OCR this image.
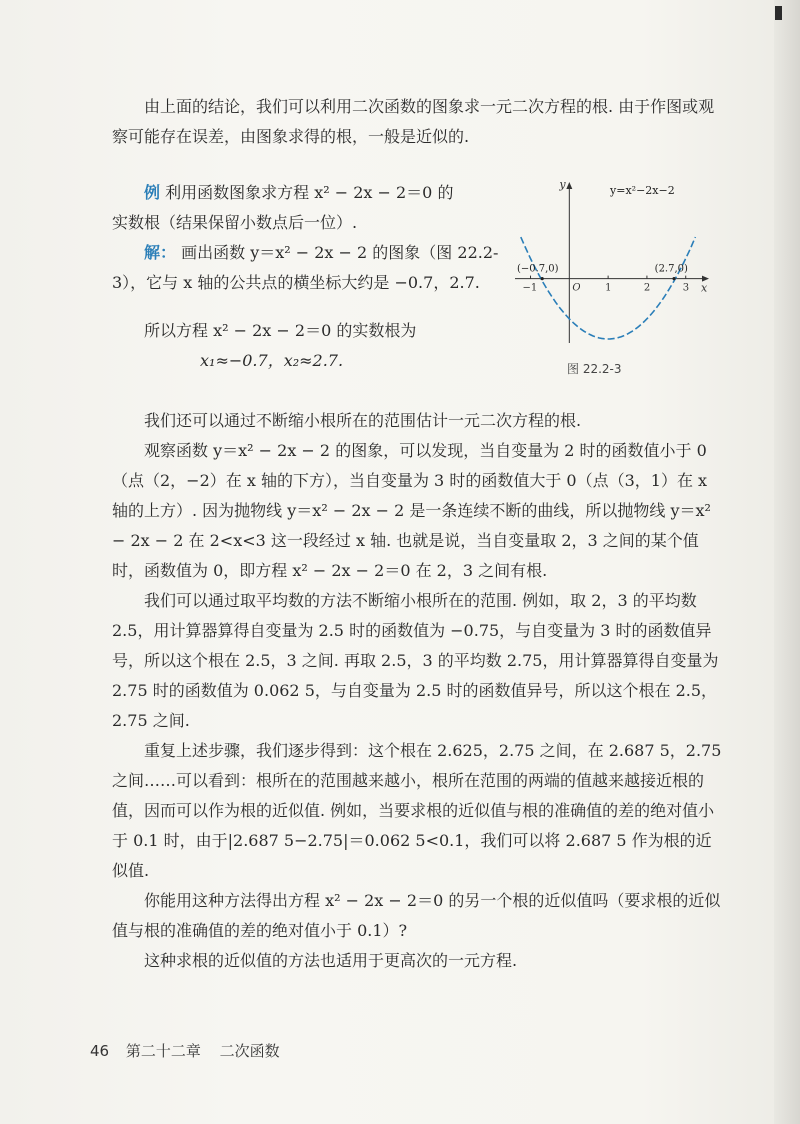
由上面的结论，我们可以利用二次函数的图象求一元二次方程的根. 由于作图或观察可能存在误差，由图象求得的根，一般是近似的.

例 利用函数图象求方程 x² − 2x − 2＝0 的

实数根（结果保留小数点后一位）.

解： 画出函数 y＝x² − 2x − 2 的图象（图 22.2-3），它与 x 轴的公共点的横坐标大约是 −0.7，2.7.

所以方程 x² − 2x − 2＝0 的实数根为

x₁≈−0.7，x₂≈2.7.

−1	1	2	3 x
y
O
y=x²−2x−2
(−0.7,0)	(2.7,0)
图 22.2-3

我们还可以通过不断缩小根所在的范围估计一元二次方程的根.

观察函数 y＝x² − 2x − 2 的图象，可以发现，当自变量为 2 时的函数值小于 0（点（2，−2）在 x 轴的下方），当自变量为 3 时的函数值大于 0（点（3，1）在 x 轴的上方）. 因为抛物线 y＝x² − 2x − 2 是一条连续不断的曲线，所以抛物线 y＝x² − 2x − 2 在 2<x<3 这一段经过 x 轴. 也就是说，当自变量取 2，3 之间的某个值时，函数值为 0，即方程 x² − 2x − 2＝0 在 2，3 之间有根.

我们可以通过取平均数的方法不断缩小根所在的范围. 例如，取 2，3 的平均数 2.5，用计算器算得自变量为 2.5 时的函数值为 −0.75，与自变量为 3 时的函数值异号，所以这个根在 2.5，3 之间. 再取 2.5，3 的平均数 2.75，用计算器算得自变量为 2.75 时的函数值为 0.062 5，与自变量为 2.5 时的函数值异号，所以这个根在 2.5，2.75 之间.

重复上述步骤，我们逐步得到：这个根在 2.625，2.75 之间，在 2.687 5，2.75 之间……可以看到：根所在的范围越来越小，根所在范围的两端的值越来越接近根的值，因而可以作为根的近似值. 例如，当要求根的近似值与根的准确值的差的绝对值小于 0.1 时，由于|2.687 5−2.75|＝0.062 5<0.1，我们可以将 2.687 5 作为根的近似值.

你能用这种方法得出方程 x² − 2x − 2＝0 的另一个根的近似值吗（要求根的近似值与根的准确值的差的绝对值小于 0.1）?

这种求根的近似值的方法也适用于更高次的一元方程.

46 第二十二章 二次函数
